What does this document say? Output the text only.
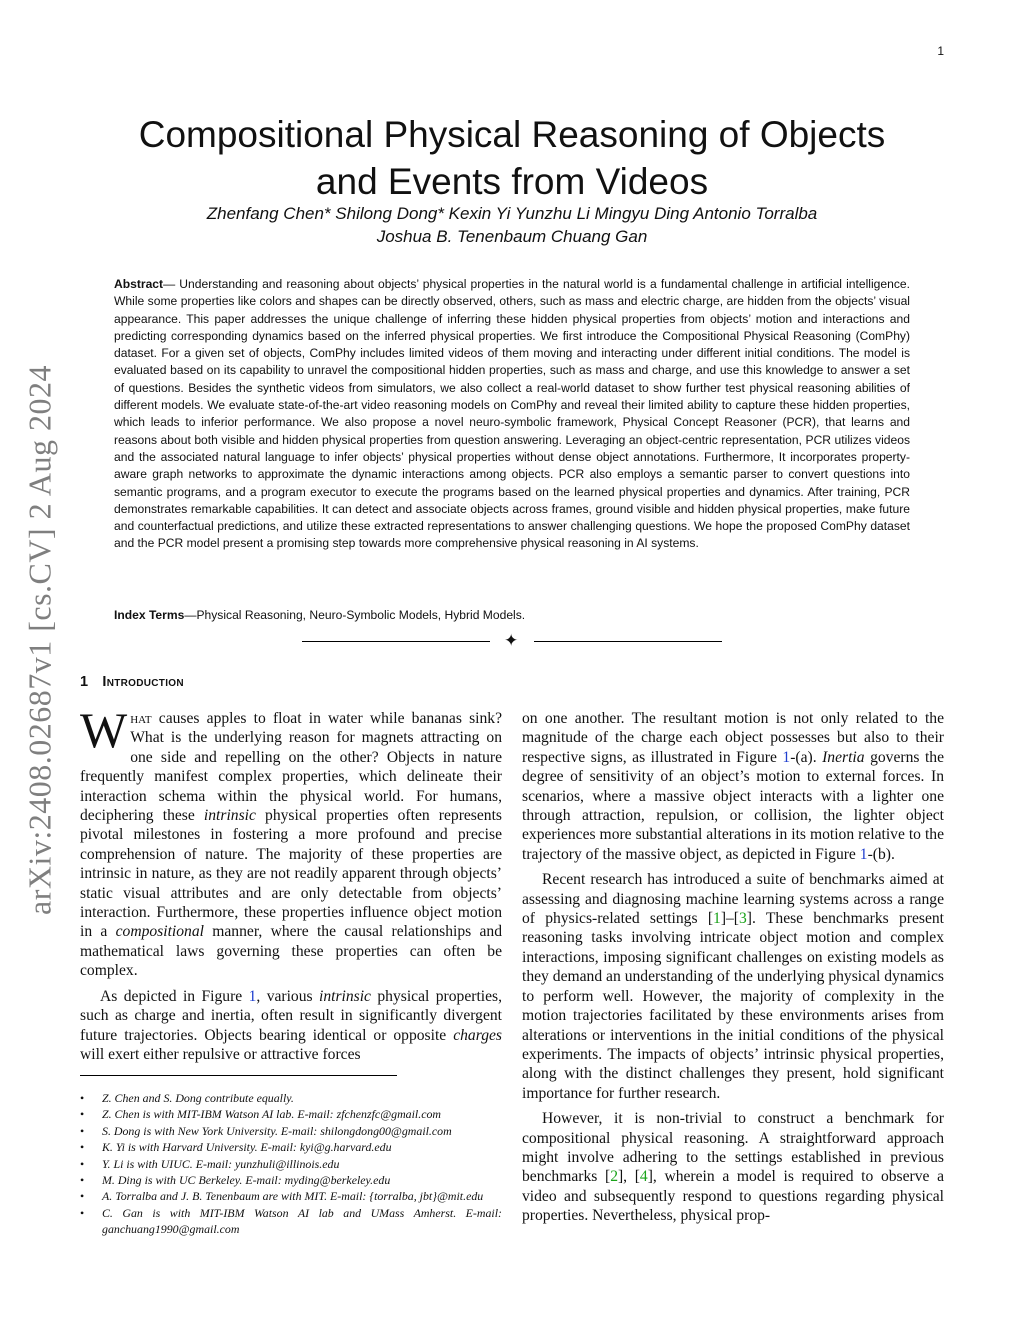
1
arXiv:2408.02687v1 [cs.CV] 2 Aug 2024
Compositional Physical Reasoning of Objects
and Events from Videos
Zhenfang Chen* Shilong Dong* Kexin Yi Yunzhu Li Mingyu Ding Antonio Torralba
Joshua B. Tenenbaum Chuang Gan
Abstract— Understanding and reasoning about objects’ physical properties in the natural world is a fundamental challenge in artificial intelligence. While some properties like colors and shapes can be directly observed, others, such as mass and electric charge, are hidden from the objects’ visual appearance. This paper addresses the unique challenge of inferring these hidden physical properties from objects’ motion and interactions and predicting corresponding dynamics based on the inferred physical properties. We first introduce the Compositional Physical Reasoning (ComPhy) dataset. For a given set of objects, ComPhy includes limited videos of them moving and interacting under different initial conditions. The model is evaluated based on its capability to unravel the compositional hidden properties, such as mass and charge, and use this knowledge to answer a set of questions. Besides the synthetic videos from simulators, we also collect a real-world dataset to show further test physical reasoning abilities of different models. We evaluate state-of-the-art video reasoning models on ComPhy and reveal their limited ability to capture these hidden properties, which leads to inferior performance. We also propose a novel neuro-symbolic framework, Physical Concept Reasoner (PCR), that learns and reasons about both visible and hidden physical properties from question answering. Leveraging an object-centric representation, PCR utilizes videos and the associated natural language to infer objects’ physical properties without dense object annotations. Furthermore, It incorporates property-aware graph networks to approximate the dynamic interactions among objects. PCR also employs a semantic parser to convert questions into semantic programs, and a program executor to execute the programs based on the learned physical properties and dynamics. After training, PCR demonstrates remarkable capabilities. It can detect and associate objects across frames, ground visible and hidden physical properties, make future and counterfactual predictions, and utilize these extracted representations to answer challenging questions. We hope the proposed ComPhy dataset and the PCR model present a promising step towards more comprehensive physical reasoning in AI systems.
Index Terms—Physical Reasoning, Neuro-Symbolic Models, Hybrid Models.
✦
1 Introduction

What causes apples to float in water while bananas sink? What is the underlying reason for magnets attracting on one side and repelling on the other? Objects in nature frequently manifest complex properties, which delineate their interaction schema within the physical world. For humans, deciphering these intrinsic physical properties often represents pivotal milestones in fostering a more profound and precise comprehension of nature. The majority of these properties are intrinsic in nature, as they are not readily apparent through objects’ static visual attributes and are only detectable from objects’ interaction. Furthermore, these properties influence object motion in a compositional manner, where the causal relationships and mathematical laws governing these properties can often be complex.

As depicted in Figure 1, various intrinsic physical properties, such as charge and inertia, often result in significantly divergent future trajectories. Objects bearing identical or opposite charges will exert either repulsive or attractive forces

on one another. The resultant motion is not only related to the magnitude of the charge each object possesses but also to their respective signs, as illustrated in Figure 1-(a). Inertia governs the degree of sensitivity of an object’s motion to external forces. In scenarios, where a massive object interacts with a lighter one through attraction, repulsion, or collision, the lighter object experiences more substantial alterations in its motion relative to the trajectory of the massive object, as depicted in Figure 1-(b).

Recent research has introduced a suite of benchmarks aimed at assessing and diagnosing machine learning systems across a range of physics-related settings [1]–[3]. These benchmarks present reasoning tasks involving intricate object motion and complex interactions, imposing significant challenges on existing models as they demand an understanding of the underlying physical dynamics to perform well. However, the majority of complexity in the motion trajectories facilitated by these environments arises from alterations or interventions in the initial conditions of the physical experiments. The impacts of objects’ intrinsic physical properties, along with the distinct challenges they present, hold significant importance for further research.

However, it is non-trivial to construct a benchmark for compositional physical reasoning. A straightforward approach might involve adhering to the settings established in previous benchmarks [2], [4], wherein a model is required to observe a video and subsequently respond to questions regarding physical properties. Nevertheless, physical prop-

• Z. Chen and S. Dong contribute equally.
• Z. Chen is with MIT-IBM Watson AI lab. E-mail: zfchenzfc@gmail.com
• S. Dong is with New York University. E-mail: shilongdong00@gmail.com
• K. Yi is with Harvard University. E-mail: kyi@g.harvard.edu
• Y. Li is with UIUC. E-mail: yunzhuli@illinois.edu
• M. Ding is with UC Berkeley. E-mail: myding@berkeley.edu
• A. Torralba and J. B. Tenenbaum are with MIT. E-mail: {torralba, jbt}@mit.edu
• C. Gan is with MIT-IBM Watson AI lab and UMass Amherst. E-mail: ganchuang1990@gmail.com
